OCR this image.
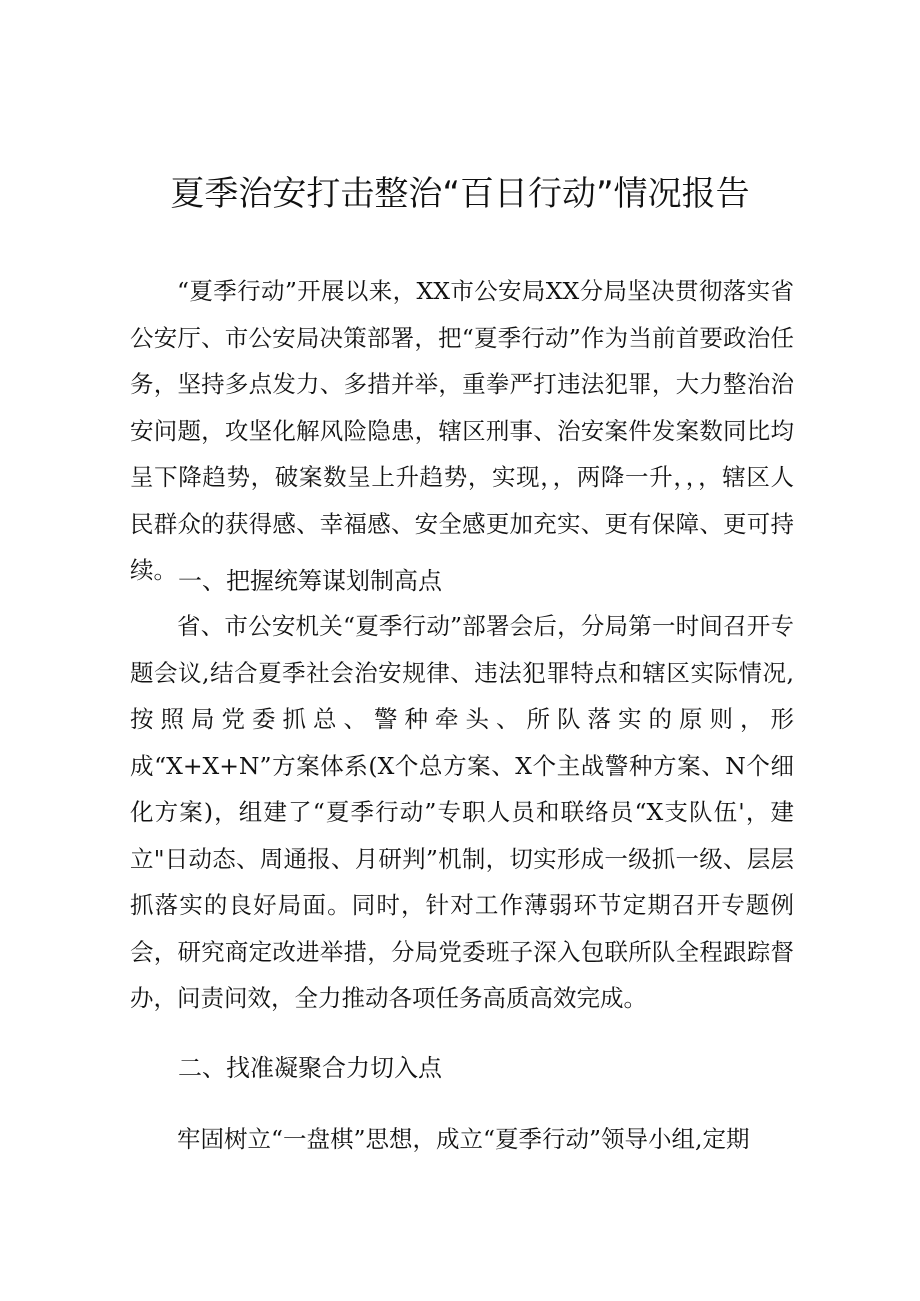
夏季治安打击整治“百日行动”情况报告

“夏季行动”开展以来，XX市公安局XX分局坚决贯彻落实省公安厅、市公安局决策部署，把“夏季行动”作为当前首要政治任务，坚持多点发力、多措并举，重拳严打违法犯罪，大力整治治安问题，攻坚化解风险隐患，辖区刑事、治安案件发案数同比均呈下降趋势，破案数呈上升趋势，实现，，两降一升，，，辖区人民群众的获得感、幸福感、安全感更加充实、更有保障、更可持续。 一、把握统筹谋划制高点

省、市公安机关“夏季行动”部署会后，分局第一时间召开专题会议,结合夏季社会治安规律、违法犯罪特点和辖区实际情况,按照局党委抓总、警种牵头、所队落实的原则，形成“X+X+N”方案体系(X个总方案、X个主战警种方案、N个细化方案)，组建了“夏季行动”专职人员和联络员“X支队伍'，建立"日动态、周通报、月研判”机制，切实形成一级抓一级、层层抓落实的良好局面。同时，针对工作薄弱环节定期召开专题例会，研究商定改进举措，分局党委班子深入包联所队全程跟踪督办，问责问效，全力推动各项任务高质高效完成。

二、找准凝聚合力切入点

牢固树立“一盘棋”思想，成立“夏季行动”领导小组,定期
